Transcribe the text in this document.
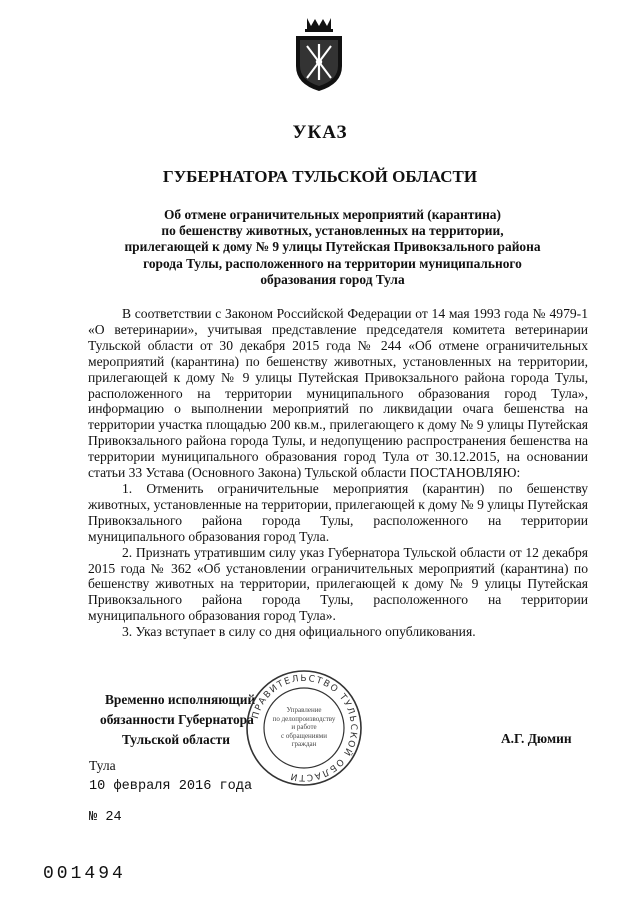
УКАЗ
ГУБЕРНАТОРА ТУЛЬСКОЙ ОБЛАСТИ
Об отмене ограничительных мероприятий (карантина)
по бешенству животных, установленных на территории,
прилегающей к дому № 9 улицы Путейская Привокзального района
города Тулы, расположенного на территории муниципального
образования город Тула

В соответствии с Законом Российской Федерации от 14 мая 1993 года № 4979-1 «О ветеринарии», учитывая представление председателя комитета ветеринарии Тульской области от 30 декабря 2015 года № 244 «Об отмене ограничительных мероприятий (карантина) по бешенству животных, установленных на территории, прилегающей к дому № 9 улицы Путейская Привокзального района города Тулы, расположенного на территории муниципального образования город Тула», информацию о выполнении мероприятий по ликвидации очага бешенства на территории участка площадью 200 кв.м., прилегающего к дому № 9 улицы Путейская Привокзального района города Тулы, и недопущению распространения бешенства на территории муниципального образования город Тула от 30.12.2015, на основании статьи 33 Устава (Основного Закона) Тульской области ПОСТАНОВЛЯЮ:

1. Отменить ограничительные мероприятия (карантин) по бешенству животных, установленные на территории, прилегающей к дому № 9 улицы Путейская Привокзального района города Тулы, расположенного на территории муниципального образования город Тула.

2. Признать утратившим силу указ Губернатора Тульской области от 12 декабря 2015 года № 362 «Об установлении ограничительных мероприятий (карантина) по бешенству животных на территории, прилегающей к дому № 9 улицы Путейская Привокзального района города Тулы, расположенного на территории муниципального образования город Тула».

3. Указ вступает в силу со дня официального опубликования.

Временно исполняющий
обязанности Губернатора
Тульской области
ПРАВИТЕЛЬСТВО ТУЛЬСКОЙ ОБЛАСТИ
Управление
по делопроизводству
и работе
с обращениями
граждан	А.Г. Дюмин
Тула
10 февраля 2016 года
№ 24
001494
